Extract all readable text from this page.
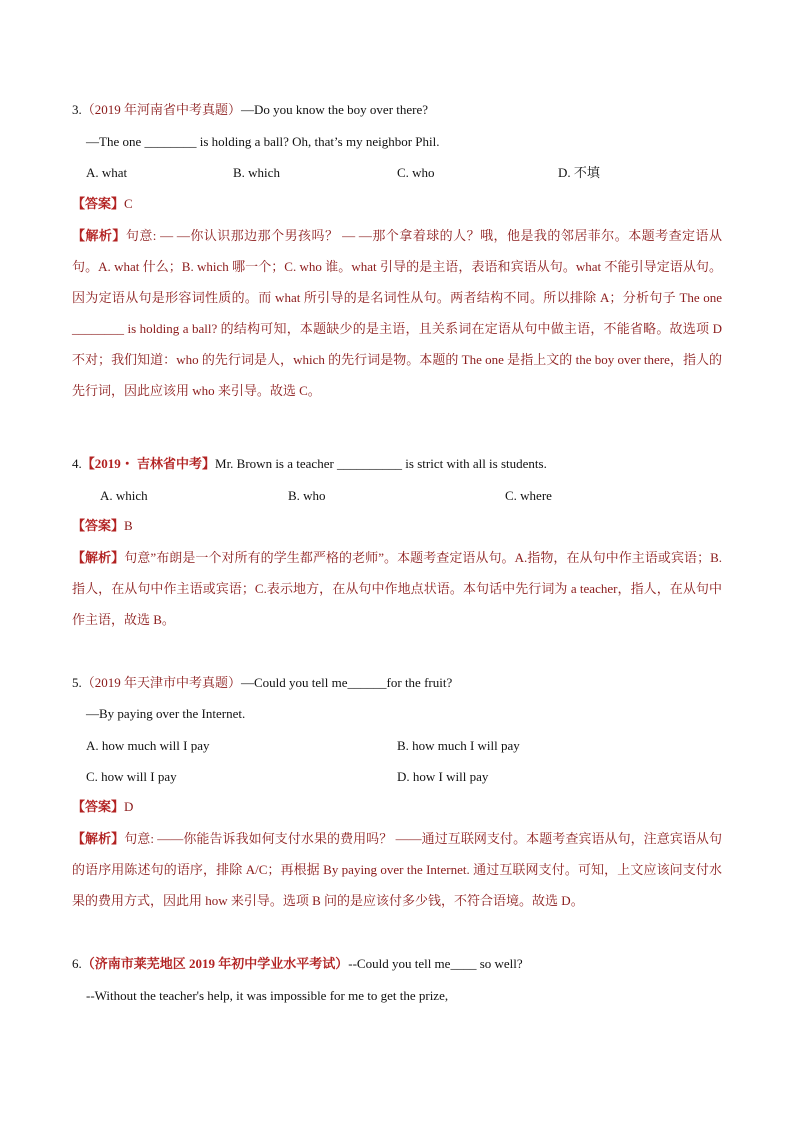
3.（2019 年河南省中考真题）—Do you know the boy over there?
—The one ________ is holding a ball? Oh, that’s my neighbor Phil.
A. what	B. which	C. who	D. 不填
【答案】C
【解析】句意: — —你认识那边那个男孩吗？ — —那个拿着球的人？哦，他是我的邻居菲尔。本题考查定语从句。A. what 什么；B. which 哪一个；C. who 谁。what 引导的是主语，表语和宾语从句。what 不能引导定语从句。因为定语从句是形容词性质的。而 what 所引导的是名词性从句。两者结构不同。所以排除 A；分析句子 The one ________ is holding a ball? 的结构可知，本题缺少的是主语，且关系词在定语从句中做主语，不能省略。故选项 D 不对；我们知道：who 的先行词是人，which 的先行词是物。本题的 The one 是指上文的 the boy over there，指人的先行词，因此应该用 who 来引导。故选 C。
4.【2019・ 吉林省中考】Mr. Brown is a teacher __________ is strict with all is students.
A. which	B. who	C. where
【答案】B
【解析】句意”布朗是一个对所有的学生都严格的老师”。本题考查定语从句。A.指物，在从句中作主语或宾语；B.指人，在从句中作主语或宾语；C.表示地方，在从句中作地点状语。本句话中先行词为 a teacher，指人，在从句中作主语，故选 B。
5.（2019 年天津市中考真题）—Could you tell me______for the fruit?
—By paying over the Internet.
A. how much will I pay	B. how much I will pay
C. how will I pay	D. how I will pay
【答案】D
【解析】句意: ——你能告诉我如何支付水果的费用吗？ ——通过互联网支付。本题考查宾语从句，注意宾语从句的语序用陈述句的语序，排除 A/C；再根据 By paying over the Internet. 通过互联网支付。可知，上文应该问支付水果的费用方式，因此用 how 来引导。选项 B 问的是应该付多少钱，不符合语境。故选 D。
6.（济南市莱芜地区 2019 年初中学业水平考试）--Could you tell me____ so well?
--Without the teacher's help, it was impossible for me to get the prize,
